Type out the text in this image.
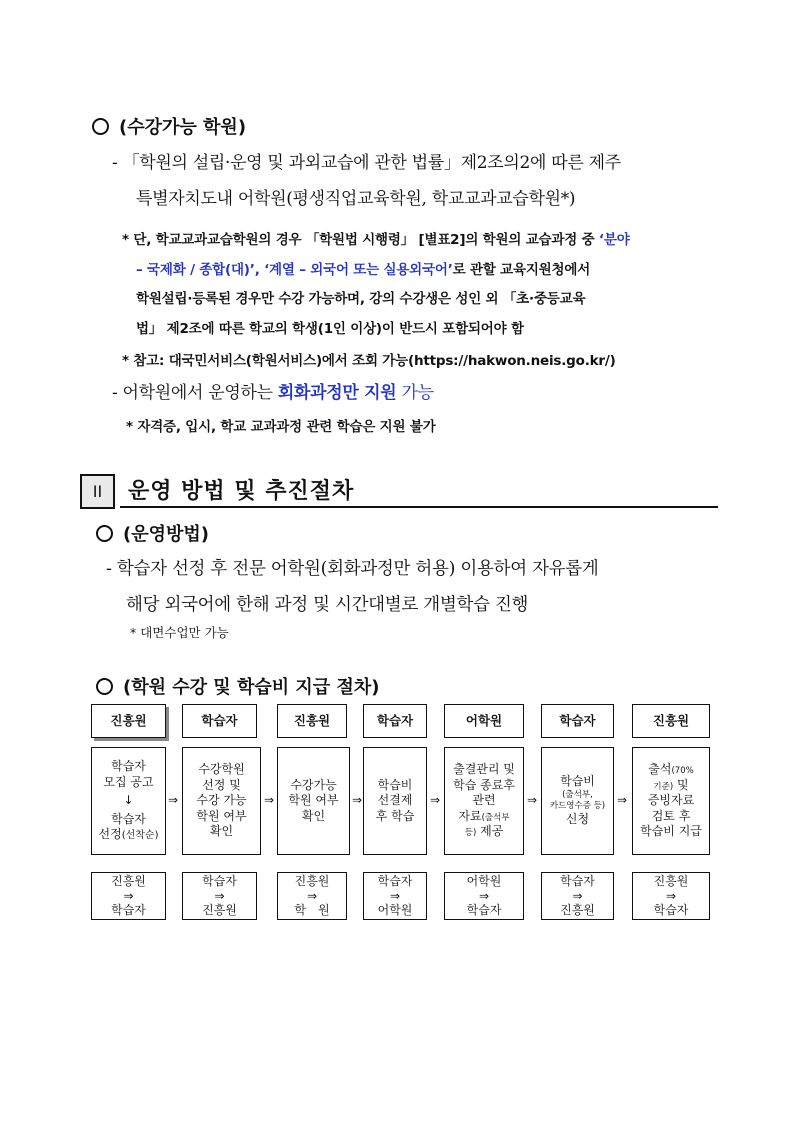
(수강가능 학원)
- 「학원의 설립·운영 및 과외교습에 관한 법률」제2조의2에 따른 제주
특별자치도내 어학원(평생직업교육학원, 학교교과교습학원*)
* 단, 학교교과교습학원의 경우 「학원법 시행령」 [별표2]의 학원의 교습과정 중 ‘분야
– 국제화 / 종합(대)’, ‘계열 – 외국어 또는 실용외국어’로 관할 교육지원청에서
학원설립·등록된 경우만 수강 가능하며, 강의 수강생은 성인 외 「초·중등교육
법」 제2조에 따른 학교의 학생(1인 이상)이 반드시 포함되어야 함
* 참고: 대국민서비스(학원서비스)에서 조회 가능(https://hakwon.neis.go.kr/)
- 어학원에서 운영하는 회화과정만 지원 가능
* 자격증, 입시, 학교 교과과정 관련 학습은 지원 불가
II	운영 방법 및 추진절차
(운영방법)
- 학습자 선정 후 전문 어학원(회화과정만 허용) 이용하여 자유롭게
해당 외국어에 한해 과정 및 시간대별로 개별학습 진행
* 대면수업만 가능
(학원 수강 및 학습비 지급 절차)
진흥원
학습자
모집 공고
↓
학습자
선정(선착순)
진흥원
⇒
학습자
⇒
학습자
수강학원
선정 및
수강 가능
학원 여부
확인
학습자
⇒
진흥원
⇒
진흥원
수강가능
학원 여부
확인
진흥원
⇒
학　원
⇒
학습자
학습비
선결제
후 학습
학습자
⇒
어학원
⇒
어학원
출결관리 및
학습 종료후
관련
자료(출석부
등) 제공
어학원
⇒
학습자
⇒
학습자
학습비
(출석부,
카드영수증 등)
신청
학습자
⇒
진흥원
⇒
진흥원
출석(70%
기준) 및
증빙자료
검토 후
학습비 지급
진흥원
⇒
학습자
